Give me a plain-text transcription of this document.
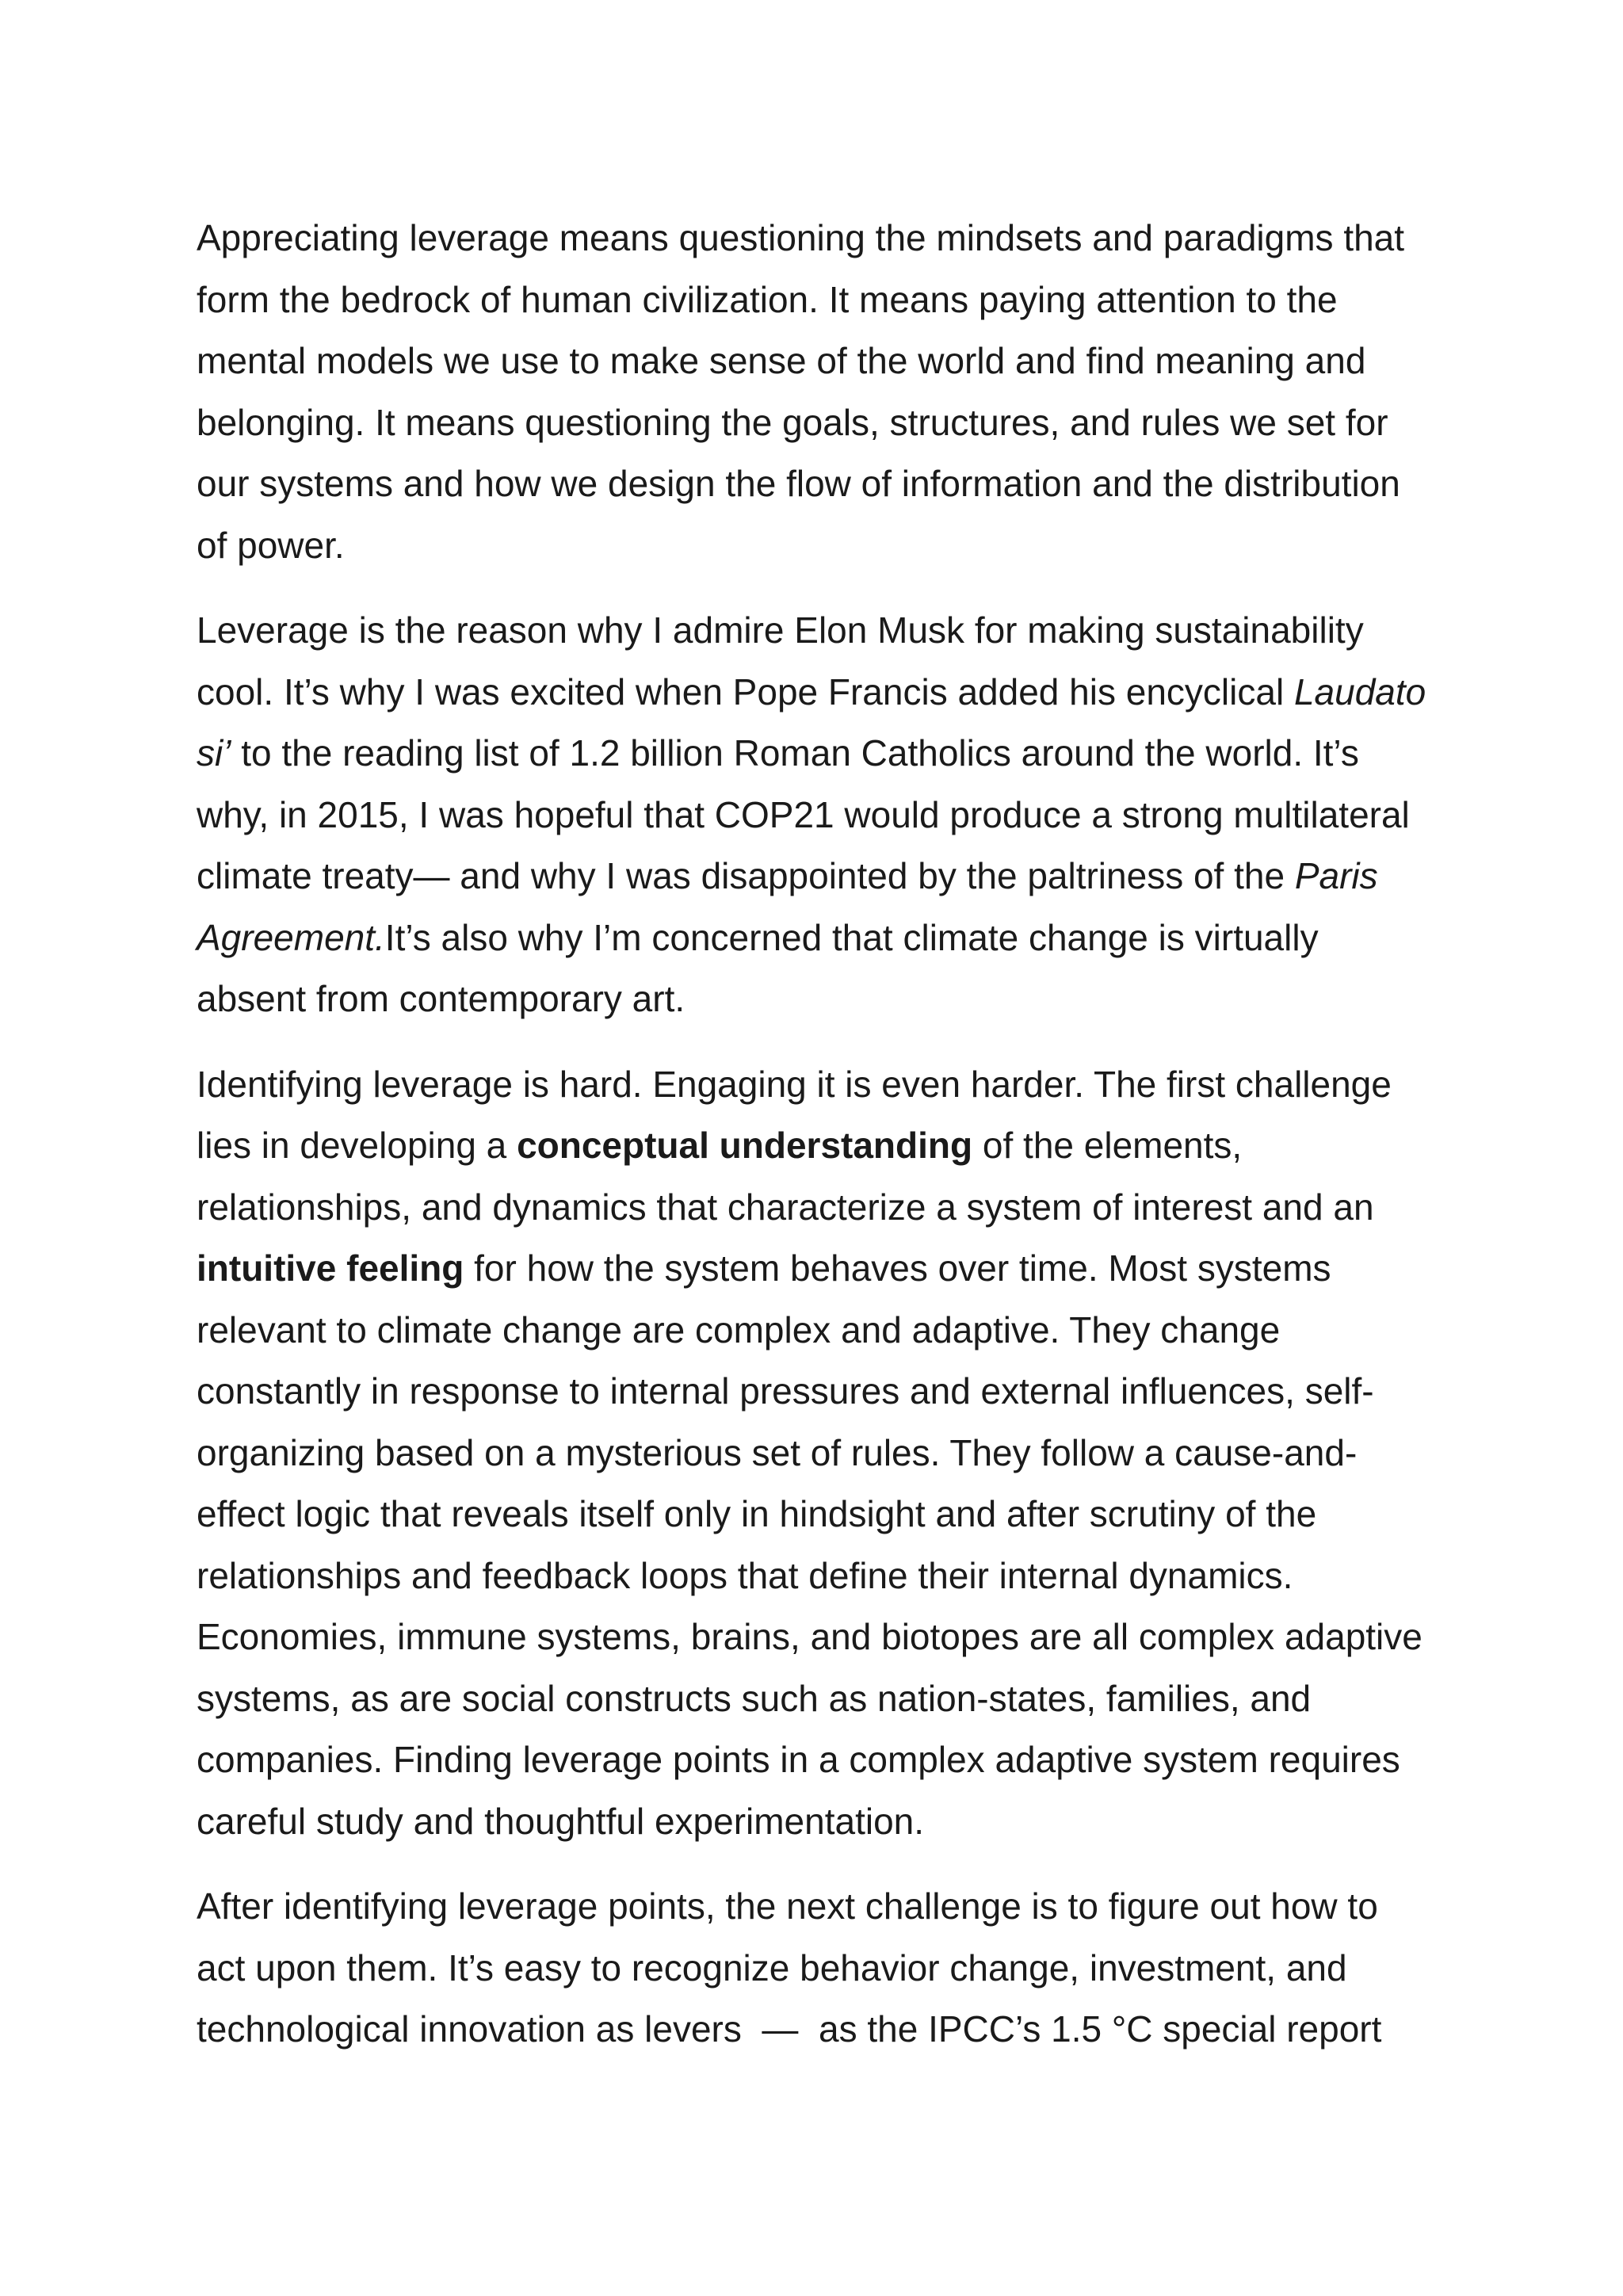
Appreciating leverage means questioning the mindsets and paradigms that form the bedrock of human civilization. It means paying attention to the mental models we use to make sense of the world and find meaning and belonging. It means questioning the goals, structures, and rules we set for our systems and how we design the flow of information and the distribution of power.

Leverage is the reason why I admire Elon Musk for making sustainability cool. It’s why I was excited when Pope Francis added his encyclical Laudato si’ to the reading list of 1.2 billion Roman Catholics around the world. It’s why, in 2015, I was hopeful that COP21 would produce a strong multilateral climate treaty— and why I was disappointed by the paltriness of the Paris Agreement.It’s also why I’m concerned that climate change is virtually absent from contemporary art.

Identifying leverage is hard. Engaging it is even harder. The first challenge lies in developing a conceptual understanding of the elements, relationships, and dynamics that characterize a system of interest and an intuitive feeling for how the system behaves over time. Most systems relevant to climate change are complex and adaptive. They change constantly in response to internal pressures and external influences, self-organizing based on a mysterious set of rules. They follow a cause-and-effect logic that reveals itself only in hindsight and after scrutiny of the relationships and feedback loops that define their internal dynamics. Economies, immune systems, brains, and biotopes are all complex adaptive systems, as are social constructs such as nation-states, families, and companies. Finding leverage points in a complex adaptive system requires careful study and thoughtful experimentation.

After identifying leverage points, the next challenge is to figure out how to act upon them. It’s easy to recognize behavior change, investment, and technological innovation as levers  —  as the IPCC’s 1.5 °C special report
